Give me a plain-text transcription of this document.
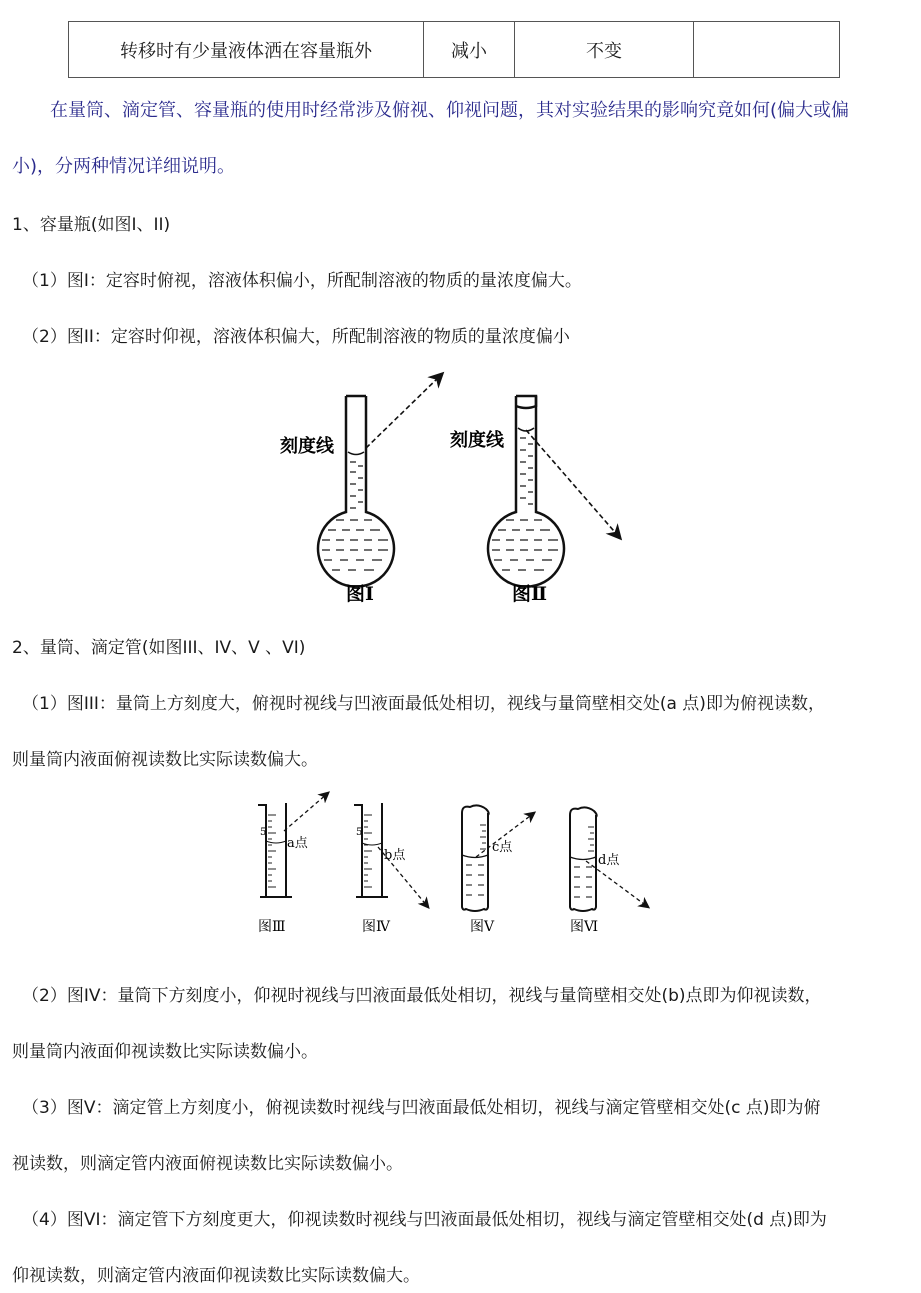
转移时有少量液体洒在容量瓶外	减小	不变	
在量筒、滴定管、容量瓶的使用时经常涉及俯视、仰视问题，其对实验结果的影响究竟如何(偏大或偏
小)，分两种情况详细说明。
1、容量瓶(如图I、II)
（1）图I：定容时俯视，溶液体积偏小，所配制溶液的物质的量浓度偏大。
（2）图II：定容时仰视，溶液体积偏大，所配制溶液的物质的量浓度偏小
刻度线	刻度线
图Ⅰ	图Ⅱ
2、量筒、滴定管(如图III、IV、V 、VI)
（1）图III：量筒上方刻度大，俯视时视线与凹液面最低处相切，视线与量筒壁相交处(a 点)即为俯视读数，
则量筒内液面俯视读数比实际读数偏大。
5	5
a点
b点
c点
d点
图Ⅲ	图Ⅳ	图Ⅴ	图Ⅵ
（2）图IV：量筒下方刻度小，仰视时视线与凹液面最低处相切，视线与量筒壁相交处(b)点即为仰视读数，
则量筒内液面仰视读数比实际读数偏小。
（3）图V：滴定管上方刻度小，俯视读数时视线与凹液面最低处相切，视线与滴定管壁相交处(c 点)即为俯
视读数，则滴定管内液面俯视读数比实际读数偏小。
（4）图VI：滴定管下方刻度更大，仰视读数时视线与凹液面最低处相切，视线与滴定管壁相交处(d 点)即为
仰视读数，则滴定管内液面仰视读数比实际读数偏大。
